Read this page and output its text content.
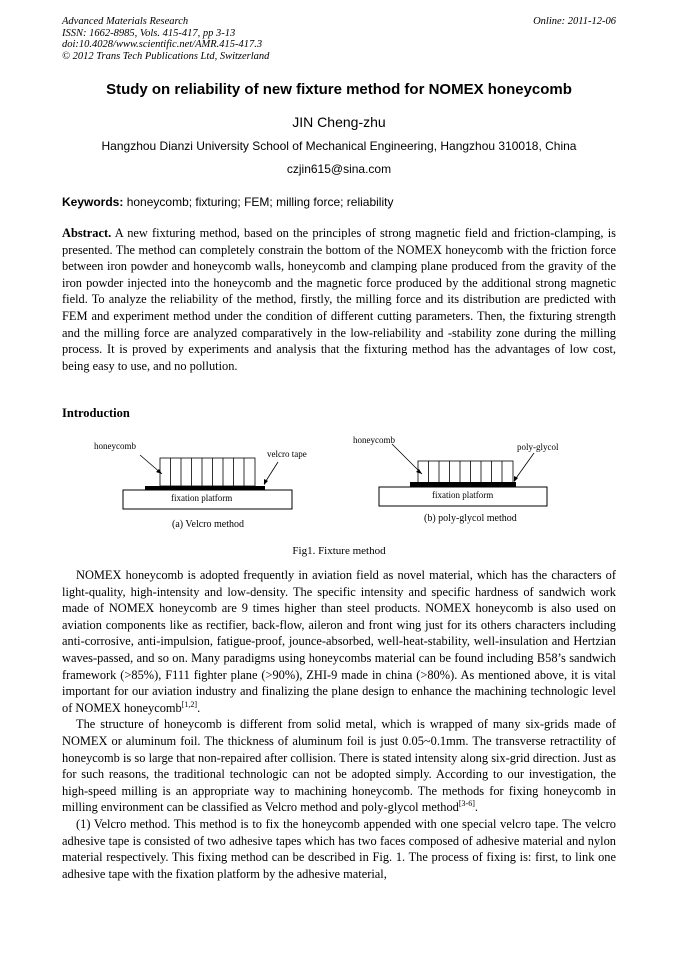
Advanced Materials Research
ISSN: 1662-8985, Vols. 415-417, pp 3-13
doi:10.4028/www.scientific.net/AMR.415-417.3
© 2012 Trans Tech Publications Ltd, Switzerland
Online: 2011-12-06
Study on reliability of new fixture method for NOMEX honeycomb
JIN Cheng-zhu
Hangzhou Dianzi University School of Mechanical Engineering, Hangzhou 310018, China
czjin615@sina.com
Keywords: honeycomb; fixturing; FEM; milling force; reliability
Abstract. A new fixturing method, based on the principles of strong magnetic field and friction-clamping, is presented. The method can completely constrain the bottom of the NOMEX honeycomb with the friction force between iron powder and honeycomb walls, honeycomb and clamping plane produced from the gravity of the iron powder injected into the honeycomb and the magnetic force produced by the additional strong magnetic field. To analyze the reliability of the method, firstly, the milling force and its distribution are predicted with FEM and experiment method under the condition of different cutting parameters. Then, the fixturing strength and the milling force are analyzed comparatively in the low-reliability and -stability zone during the milling process. It is proved by experiments and analysis that the fixturing method has the advantages of low cost, being easy to use, and no pollution.
Introduction
honeycomb
velcro tape
fixation platform
(a) Velcro method
honeycomb
poly-glycol
fixation platform
(b) poly-glycol method
Fig1. Fixture method

NOMEX honeycomb is adopted frequently in aviation field as novel material, which has the characters of light-quality, high-intensity and low-density. The specific intensity and specific hardness of sandwich work made of NOMEX honeycomb are 9 times higher than steel products. NOMEX honeycomb is also used on aviation components like as rectifier, back-flow, aileron and front wing just for its others characters including anti-corrosive, anti-impulsion, fatigue-proof, jounce-absorbed, well-heat-stability, well-insulation and Hertzian waves-passed, and so on. Many paradigms using honeycombs material can be found including B58’s sandwich framework (>85%), F111 fighter plane (>90%), ZHI-9 made in china (>80%). As mentioned above, it is vital important for our aviation industry and finalizing the plane design to enhance the machining technologic level of NOMEX honeycomb[1,2].

The structure of honeycomb is different from solid metal, which is wrapped of many six-grids made of NOMEX or aluminum foil. The thickness of aluminum foil is just 0.05~0.1mm. The transverse retractility of honeycomb is so large that non-repaired after collision. There is stated intensity along six-grid direction. Just as for such reasons, the traditional technologic can not be adopted simply. According to our investigation, the high-speed milling is an appropriate way to machining honeycomb. The methods for fixing honeycomb in milling environment can be classified as Velcro method and poly-glycol method[3-6].

(1) Velcro method. This method is to fix the honeycomb appended with one special velcro tape. The velcro adhesive tape is consisted of two adhesive tapes which has two faces composed of adhesive material and nylon material respectively. This fixing method can be described in Fig. 1. The process of fixing is: first, to link one adhesive tape with the fixation platform by the adhesive material,
